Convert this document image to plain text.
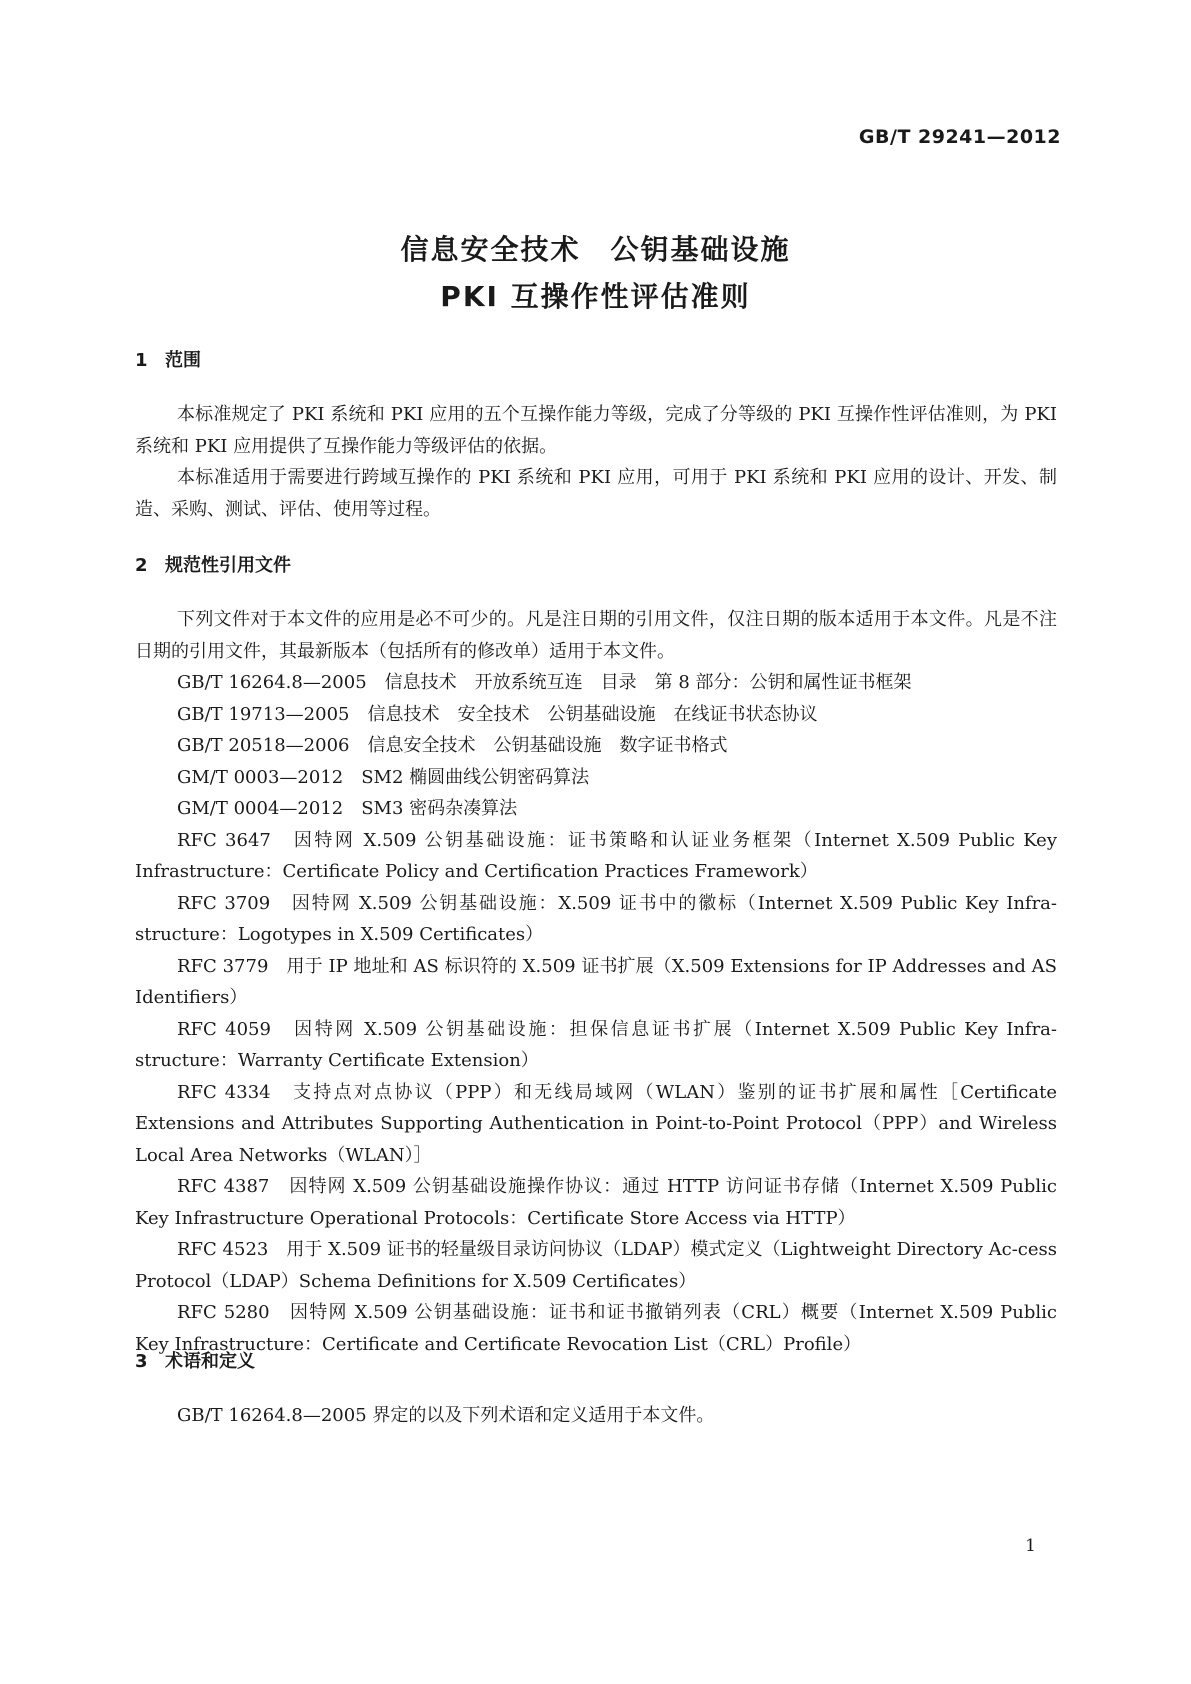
GB/T 29241—2012
信息安全技术　公钥基础设施
PKI 互操作性评估准则
1 范围

本标准规定了 PKI 系统和 PKI 应用的五个互操作能力等级，完成了分等级的 PKI 互操作性评估准则，为 PKI 系统和 PKI 应用提供了互操作能力等级评估的依据。

本标准适用于需要进行跨域互操作的 PKI 系统和 PKI 应用，可用于 PKI 系统和 PKI 应用的设计、开发、制造、采购、测试、评估、使用等过程。

2 规范性引用文件

下列文件对于本文件的应用是必不可少的。凡是注日期的引用文件，仅注日期的版本适用于本文件。凡是不注日期的引用文件，其最新版本（包括所有的修改单）适用于本文件。

GB/T 16264.8—2005　信息技术　开放系统互连　目录　第 8 部分：公钥和属性证书框架
GB/T 19713—2005　信息技术　安全技术　公钥基础设施　在线证书状态协议
GB/T 20518—2006　信息安全技术　公钥基础设施　数字证书格式
GM/T 0003—2012　SM2 椭圆曲线公钥密码算法
GM/T 0004—2012　SM3 密码杂凑算法
RFC 3647　因特网 X.509 公钥基础设施：证书策略和认证业务框架（Internet X.509 Public Key Infrastructure：Certificate Policy and Certification Practices Framework）
RFC 3709　因特网 X.509 公钥基础设施：X.509 证书中的徽标（Internet X.509 Public Key Infra-structure：Logotypes in X.509 Certificates）
RFC 3779　用于 IP 地址和 AS 标识符的 X.509 证书扩展（X.509 Extensions for IP Addresses and AS Identifiers）
RFC 4059　因特网 X.509 公钥基础设施：担保信息证书扩展（Internet X.509 Public Key Infra-structure：Warranty Certificate Extension）
RFC 4334　支持点对点协议（PPP）和无线局域网（WLAN）鉴别的证书扩展和属性［Certificate Extensions and Attributes Supporting Authentication in Point-to-Point Protocol（PPP）and Wireless Local Area Networks（WLAN）］
RFC 4387　因特网 X.509 公钥基础设施操作协议：通过 HTTP 访问证书存储（Internet X.509 Public Key Infrastructure Operational Protocols：Certificate Store Access via HTTP）
RFC 4523　用于 X.509 证书的轻量级目录访问协议（LDAP）模式定义（Lightweight Directory Ac-cess Protocol（LDAP）Schema Definitions for X.509 Certificates）
RFC 5280　因特网 X.509 公钥基础设施：证书和证书撤销列表（CRL）概要（Internet X.509 Public Key Infrastructure：Certificate and Certificate Revocation List（CRL）Profile）
3 术语和定义

GB/T 16264.8—2005 界定的以及下列术语和定义适用于本文件。

1
